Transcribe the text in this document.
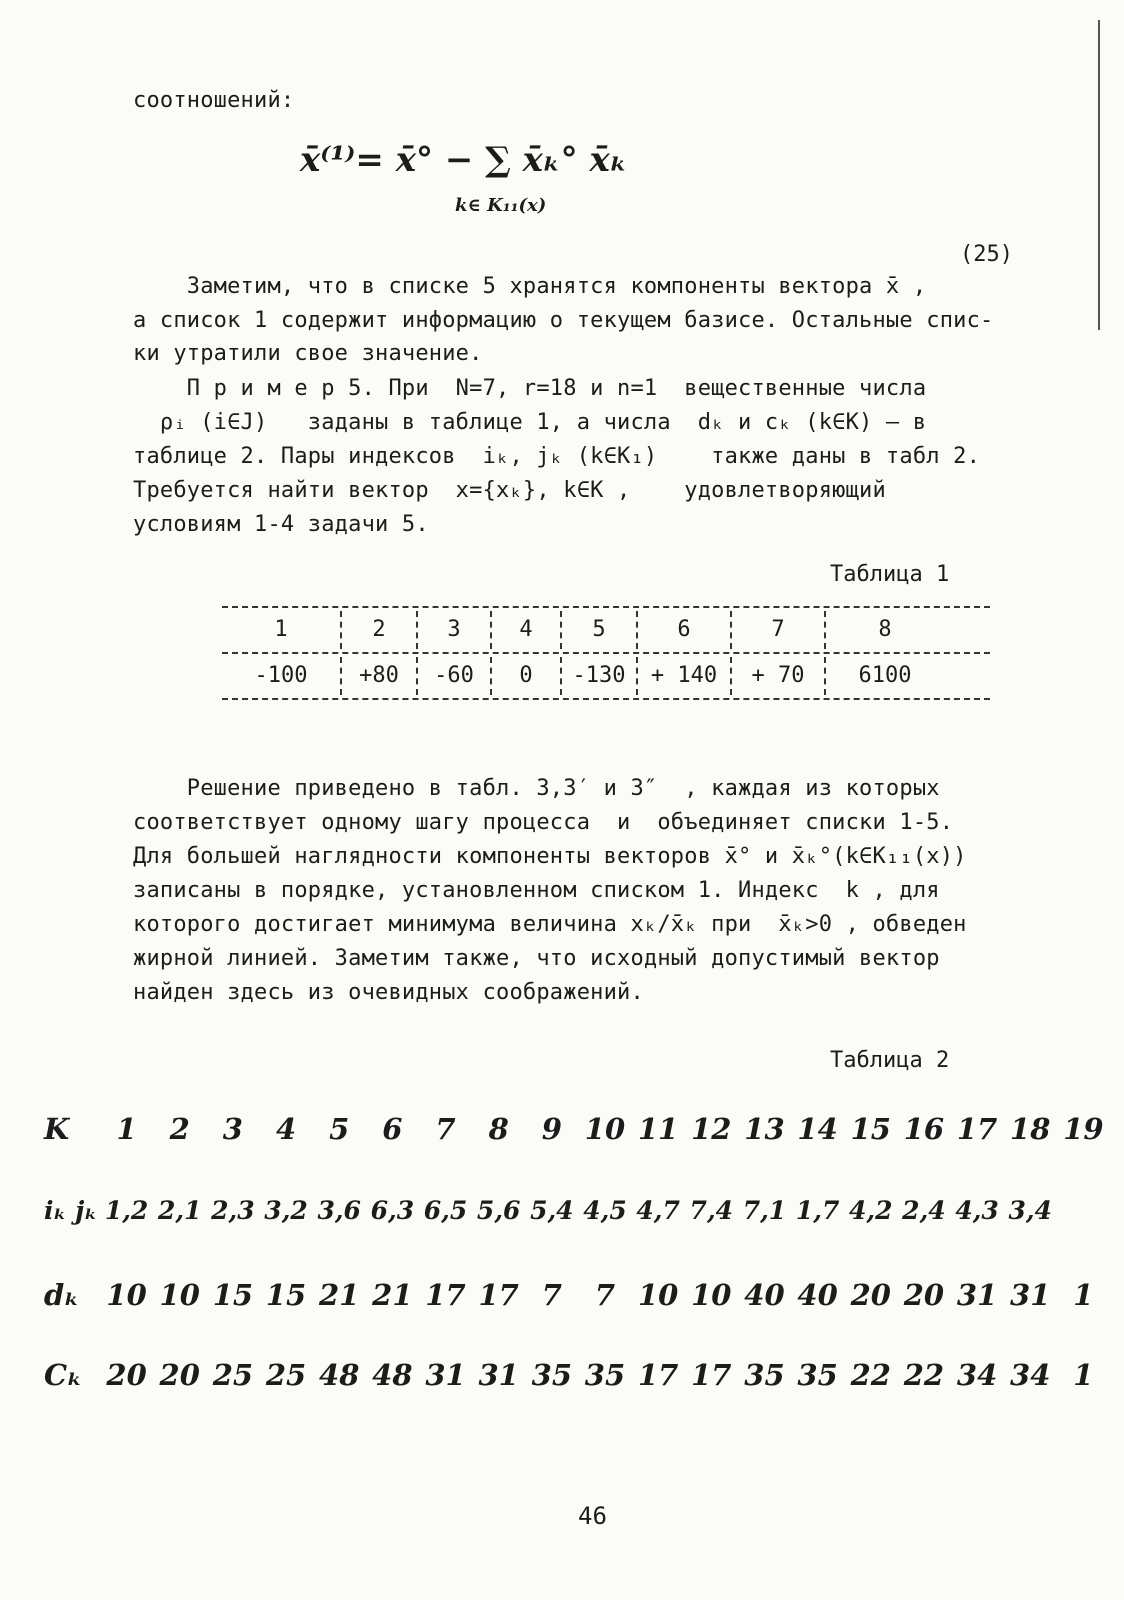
соотношений:
x̄⁽¹⁾= x̄° − ∑ x̄ₖ° x̄ₖ
k∈ K₁₁(x)
(25)
Заметим, что в списке 5 хранятся компоненты вектора x̄ ,
а список 1 содержит информацию о текущем базисе. Остальные спис-
ки утратили свое значение.
П р и м е р 5. При  N=7, r=18 и n=1  вещественные числа
ρᵢ (i∈J)   заданы в таблице 1, а числа  dₖ и cₖ (k∈K) – в
таблице 2. Пары индексов  iₖ, jₖ (k∈K₁)    также даны в табл 2.
Требуется найти вектор  x={xₖ}, k∈K ,    удовлетворяющий
условиям 1-4 задачи 5.
Таблица 1
1	2	3	4	5	6	7	8
-100	+80	-60	0	-130	+ 140	+ 70	6100
Решение приведено в табл. 3,3′ и 3″  , каждая из которых
соответствует одному шагу процесса  и  объединяет списки 1-5.
Для большей наглядности компоненты векторов x̄° и x̄ₖ°(k∈K₁₁(x))
записаны в порядке, установленном списком 1. Индекс  k , для
которого достигает минимума величина xₖ/x̄ₖ при  x̄ₖ>0 , обведен
жирной линией. Заметим также, что исходный допустимый вектор
найден здесь из очевидных соображений.
Таблица 2
K	1	2	3	4	5	6	7	8	9 10 11 12 13 14 15 16 17 18 19
iₖ jₖ 1,2 2,1 2,3 3,2 3,6 6,3 6,5 5,6 5,4 4,5 4,7 7,4 7,1 1,7 4,2 2,4 4,3 3,4
dₖ 10 10 15 15 21 21 17 17 7	7 10 10 40 40 20 20 31 31 1
Cₖ 20 20 25 25 48 48 31 31 35 35 17 17 35 35 22 22 34 34 1
46
